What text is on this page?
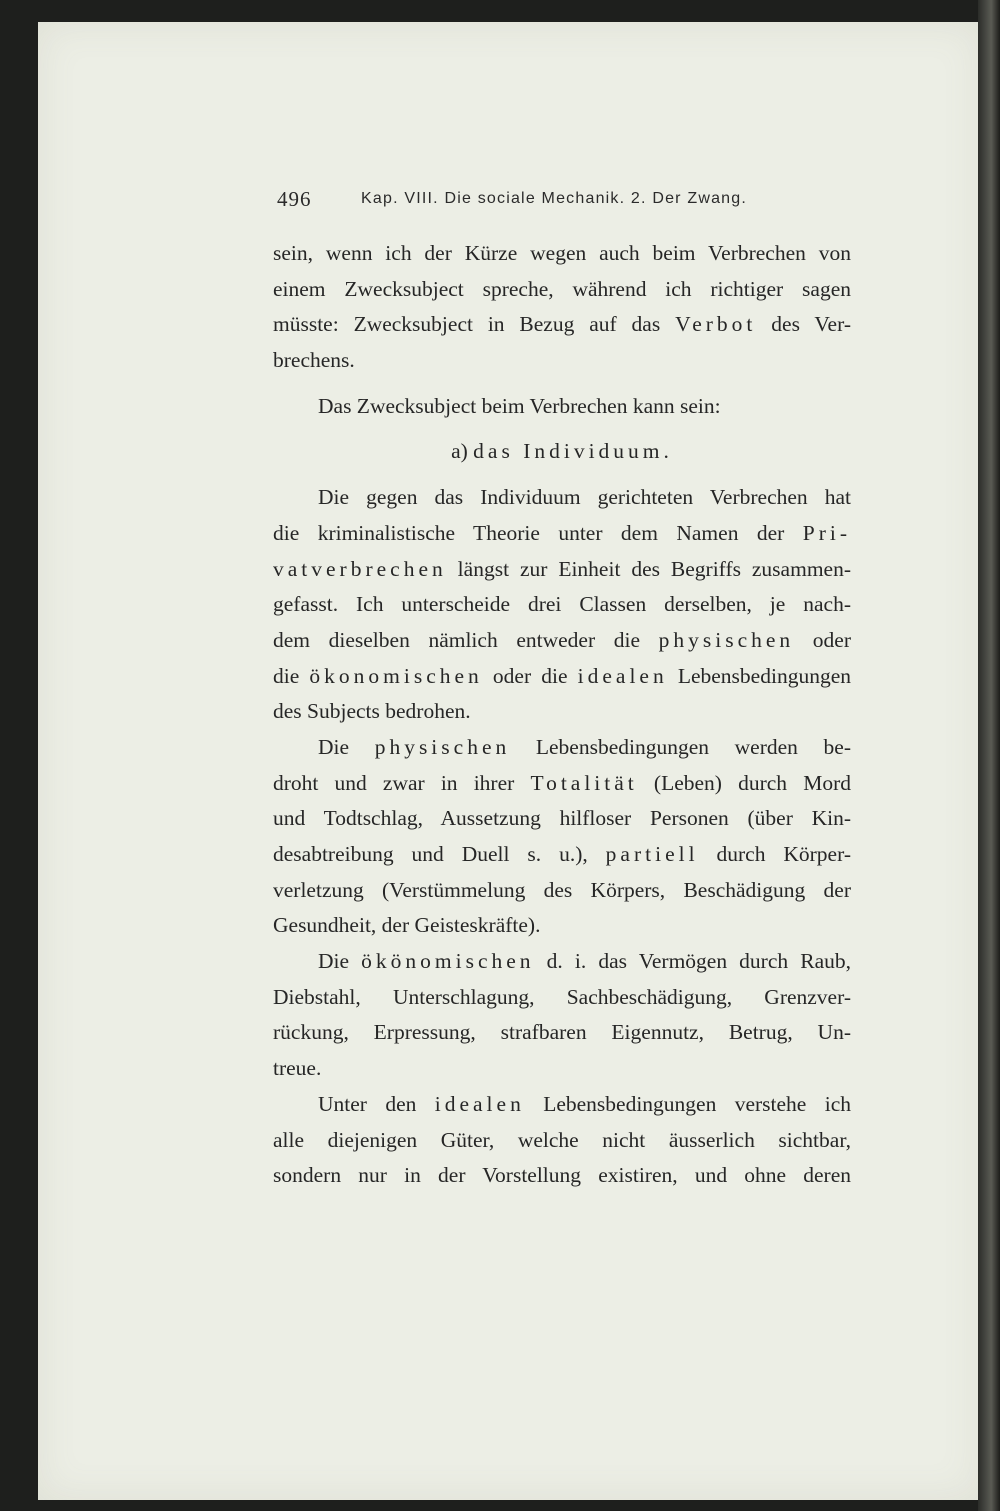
496	Kap. VIII. Die sociale Mechanik. 2. Der Zwang.
sein, wenn ich der Kürze wegen auch beim Verbrechen von
einem Zwecksubject spreche, während ich richtiger sagen
müsste: Zwecksubject in Bezug auf das Verbot des Ver-
brechens.
Das Zwecksubject beim Verbrechen kann sein:
a) das Individuum.
Die gegen das Individuum gerichteten Verbrechen hat
die kriminalistische Theorie unter dem Namen der Pri-
vatverbrechen längst zur Einheit des Begriffs zusammen-
gefasst. Ich unterscheide drei Classen derselben, je nach-
dem dieselben nämlich entweder die physischen oder
die ökonomischen oder die idealen Lebensbedingungen
des Subjects bedrohen.
Die physischen Lebensbedingungen werden be-
droht und zwar in ihrer Totalität (Leben) durch Mord
und Todtschlag, Aussetzung hilfloser Personen (über Kin-
desabtreibung und Duell s. u.), partiell durch Körper-
verletzung (Verstümmelung des Körpers, Beschädigung der
Gesundheit, der Geisteskräfte).
Die ökönomischen d. i. das Vermögen durch Raub,
Diebstahl, Unterschlagung, Sachbeschädigung, Grenzver-
rückung, Erpressung, strafbaren Eigennutz, Betrug, Un-
treue.
Unter den idealen Lebensbedingungen verstehe ich
alle diejenigen Güter, welche nicht äusserlich sichtbar,
sondern nur in der Vorstellung existiren, und ohne deren
